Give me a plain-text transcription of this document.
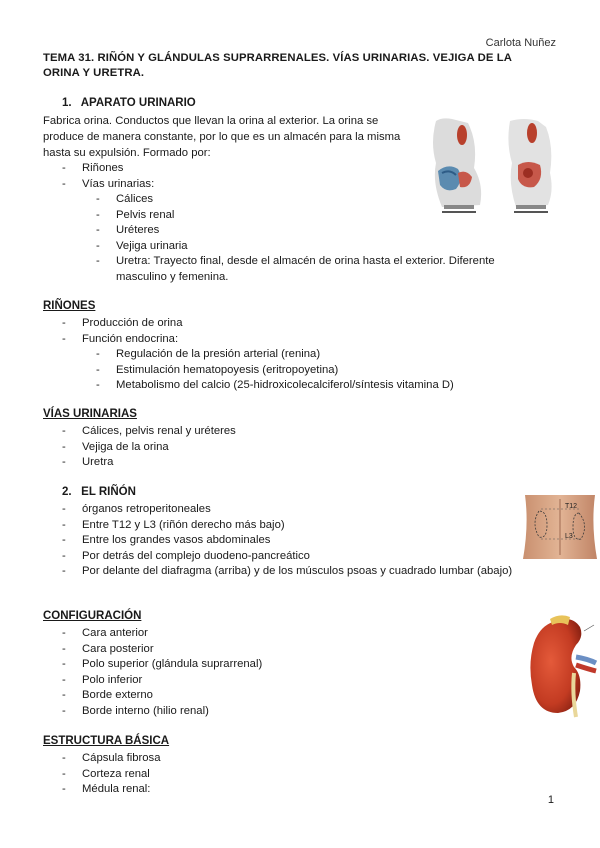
Carlota Nuñez
TEMA 31. RIÑÓN Y GLÁNDULAS SUPRARRENALES. VÍAS URINARIAS. VEJIGA DE LA ORINA Y URETRA.
1.   APARATO URINARIO
Fabrica orina. Conductos que llevan la orina al exterior. La orina se produce de manera constante, por lo que es un almacén para la misma hasta su expulsión. Formado por:
- Riñones
- Vías urinarias:
- Cálices
- Pelvis renal
- Uréteres
- Vejiga urinaria
- Uretra: Trayecto final, desde el almacén de orina hasta el exterior. Diferente masculino y femenina.
RIÑONES
- Producción de orina
- Función endocrina:
- Regulación de la presión arterial (renina)
- Estimulación hematopoyesis (eritropoyetina)
- Metabolismo del calcio (25-hidroxicolecalciferol/síntesis vitamina D)
VÍAS URINARIAS
- Cálices, pelvis renal y uréteres
- Vejiga de la orina
- Uretra
2.   EL RIÑÓN
- órganos retroperitoneales
- Entre T12 y L3 (riñón derecho más bajo)
- Entre los grandes vasos abdominales
- Por detrás del complejo duodeno-pancreático
- Por delante del diafragma (arriba) y de los músculos psoas y cuadrado lumbar (abajo)
T12
L3
CONFIGURACIÓN
- Cara anterior
- Cara posterior
- Polo superior (glándula suprarrenal)
- Polo inferior
- Borde externo
- Borde interno (hilio renal)
ESTRUCTURA BÁSICA
- Cápsula fibrosa
- Corteza renal
- Médula renal:
1
